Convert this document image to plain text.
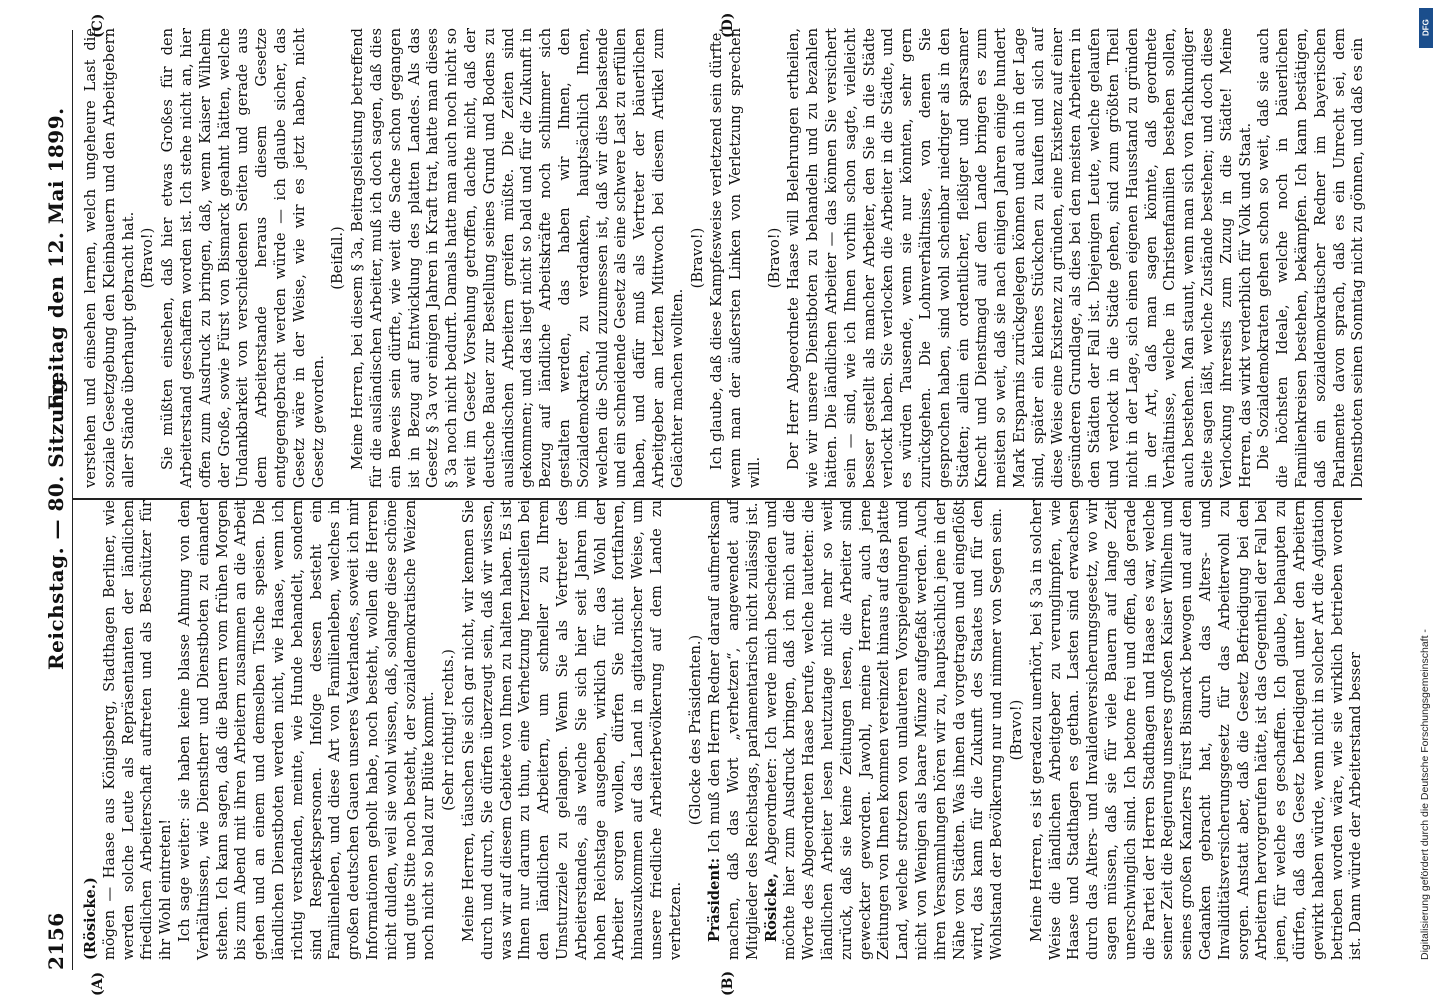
2156
Reichstag. — 80. Sitzung.
Freitag den 12. Mai 1899.
(A)	(B)
(C)	(D)

(Rösicke.) mögen — Haase aus Königsberg, Stadthagen Berliner, wie werden solche Leute als Repräsentanten der ländlichen friedlichen Arbeiterschaft auftreten und als Beschützer für ihr Wohl eintreten! Ich sage weiter: sie haben keine blasse Ahnung von den Verhältnissen, wie Dienstherr und Dienstboten zu einander stehen. Ich kann sagen, daß die Bauern vom frühen Morgen bis zum Abend mit ihren Arbeitern zusammen an die Arbeit gehen und an einem und demselben Tische speisen. Die ländlichen Dienstboten werden nicht, wie Haase, wenn ich richtig verstanden, meinte, wie Hunde behandelt, sondern sind Respektspersonen. Infolge dessen besteht ein Familienleben, und diese Art von Familienleben, welches in großen deutschen Gauen unseres Vaterlandes, soweit ich mir Informationen geholt habe, noch besteht, wollen die Herren nicht dulden, weil sie wohl wissen, daß, solange diese schöne und gute Sitte noch besteht, der sozialdemokratische Weizen noch nicht so bald zur Blüte kommt. (Sehr richtig! rechts.) Meine Herren, täuschen Sie sich gar nicht, wir kennen Sie durch und durch, Sie dürfen überzeugt sein, daß wir wissen, was wir auf diesem Gebiete von Ihnen zu halten haben. Es ist Ihnen nur darum zu thun, eine Verhetzung herzustellen bei den ländlichen Arbeitern, um schneller zu Ihrem Umsturzziele zu gelangen. Wenn Sie als Vertreter des Arbeiterstandes, als welche Sie sich hier seit Jahren im hohen Reichstage ausgeben, wirklich für das Wohl der Arbeiter sorgen wollen, dürfen Sie nicht fortfahren, hinauszukommen auf das Land in agitatorischer Weise, um unsere friedliche Arbeiterbevölkerung auf dem Lande zu verhetzen.

(Glocke des Präsidenten.)

Präsident: Ich muß den Herrn Redner darauf aufmerksam machen, daß das Wort „verhetzen“, angewendet auf Mitglieder des Reichstags, parlamentarisch nicht zulässig ist. Rösicke, Abgeordneter: Ich werde mich bescheiden und möchte hier zum Ausdruck bringen, daß ich mich auf die Worte des Abgeordneten Haase berufe, welche lauteten: die ländlichen Arbeiter lesen heutzutage nicht mehr so weit zurück, daß sie keine Zeitungen lesen, die Arbeiter sind geweckter geworden. Jawohl, meine Herren, auch jene Zeitungen von Ihnen kommen vereinzelt hinaus auf das platte Land, welche strotzen von unlauteren Vorspiegelungen und nicht von Wenigen als baare Münze aufgefaßt werden. Auch ihren Versammlungen hören wir zu, hauptsächlich jene in der Nähe von Städten. Was ihnen da vorgetragen und eingeflößt wird, das kann für die Zukunft des Staates und für den Wohlstand der Bevölkerung nur und nimmer von Segen sein. (Bravo!) Meine Herren, es ist geradezu unerhört, bei § 3a in solcher Weise die ländlichen Arbeitgeber zu verunglimpfen, wie Haase und Stadthagen es gethan. Lasten sind erwachsen durch das Alters- und Invalidenversicherungsgesetz, wo wir sagen müssen, daß sie für viele Bauern auf lange Zeit unerschwinglich sind. Ich betone frei und offen, daß gerade die Partei der Herren Stadthagen und Haase es war, welche seiner Zeit die Regierung unseres großen Kaiser Wilhelm und seines großen Kanzlers Fürst Bismarck bewogen und auf den Gedanken gebracht hat, durch das Alters- und Invaliditätsversicherungsgesetz für das Arbeiterwohl zu sorgen. Anstatt aber, daß die Gesetz Befriedigung bei den Arbeitern hervorgerufen hätte, ist das Gegentheil der Fall bei jenen, für welche es geschaffen. Ich glaube, behaupten zu dürfen, daß das Gesetz befriedigend unter den Arbeitern gewirkt haben würde, wenn nicht in solcher Art die Agitation betrieben worden wäre, wie sie wirklich betrieben worden ist. Dann würde der Arbeiterstand besser

verstehen und einsehen lernen, welch ungeheure Last die soziale Gesetzgebung den Kleinbauern und den Arbeitgebern aller Stände überhaupt gebracht hat. (Bravo!) Sie müßten einsehen, daß hier etwas Großes für den Arbeiterstand geschaffen worden ist. Ich stehe nicht an, hier offen zum Ausdruck zu bringen, daß, wenn Kaiser Wilhelm der Große, sowie Fürst von Bismarck geahnt hätten, welche Undankbarkeit von verschiedenen Seiten und gerade aus dem Arbeiterstande heraus diesem Gesetze entgegengebracht werden würde — ich glaube sicher, das Gesetz wäre in der Weise, wie wir es jetzt haben, nicht Gesetz geworden.

(Beifall.) Meine Herren, bei diesem § 3a, Beitragsleistung betreffend für die ausländischen Arbeiter, muß ich doch sagen, daß dies ein Beweis sein dürfte, wie weit die Sache schon gegangen ist in Bezug auf Entwicklung des platten Landes. Als das Gesetz § 3a vor einigen Jahren in Kraft trat, hatte man dieses § 3a noch nicht bedurft. Damals hatte man auch noch nicht so weit im Gesetz Vorsehung getroffen, dachte nicht, daß der deutsche Bauer zur Bestellung seines Grund und Bodens zu ausländischen Arbeitern greifen müßte. Die Zeiten sind gekommen; und das liegt nicht so bald und für die Zukunft in Bezug auf ländliche Arbeitskräfte noch schlimmer sich gestalten werden, das haben wir Ihnen, den Sozialdemokraten, zu verdanken, hauptsächlich Ihnen, welchen die Schuld zuzumessen ist, daß wir dies belastende und ein schneidende Gesetz als eine schwere Last zu erfüllen haben, und dafür muß als Vertreter der bäuerlichen Arbeitgeber am letzten Mittwoch bei diesem Artikel zum Gelächter machen wollten.

(Bravo!) Ich glaube, daß diese Kampfesweise verletzend sein dürfte, wenn man der äußersten Linken von Verletzung sprechen will.

(Bravo!) Der Herr Abgeordnete Haase will Belehrungen ertheilen, wie wir unsere Dienstboten zu behandeln und zu bezahlen hätten. Die ländlichen Arbeiter — das können Sie versichert sein — sind, wie ich Ihnen vorhin schon sagte, vielleicht besser gestellt als mancher Arbeiter, den Sie in die Städte verlockt haben. Sie verlocken die Arbeiter in die Städte, und es würden Tausende, wenn sie nur könnten, sehr gern zurückgehen. Die Lohnverhältnisse, von denen Sie gesprochen haben, sind wohl scheinbar niedriger als in den Städten; allein ein ordentlicher, fleißiger und sparsamer Knecht und Dienstmagd auf dem Lande bringen es zum meisten so weit, daß sie nach einigen Jahren einige hundert Mark Ersparnis zurückgelegen können und auch in der Lage sind, später ein kleines Stückchen zu kaufen und sich auf diese Weise eine Existenz zu gründen, eine Existenz auf einer gesünderen Grundlage, als dies bei den meisten Arbeitern in den Städten der Fall ist. Diejenigen Leute, welche gelaufen und verlockt in die Städte gehen, sind zum größten Theil nicht in der Lage, sich einen eigenen Hausstand zu gründen in der Art, daß man sagen könnte, daß geordnete Verhältnisse, welche in Christenfamilien bestehen sollen, auch bestehen. Man staunt, wenn man sich von fachkundiger Seite sagen läßt, welche Zustände bestehen; und doch diese Verlockung ihrerseits zum Zuzug in die Städte! Meine Herren, das wirkt verderblich für Volk und Staat. Die Sozialdemokraten gehen schon so weit, daß sie auch die höchsten Ideale, welche noch in bäuerlichen Familienkreisen bestehen, bekämpfen. Ich kann bestätigen, daß ein sozialdemokratischer Redner im bayerischen Parlamente davon sprach, daß es ein Unrecht sei, dem Dienstboten seinen Sonntag nicht zu gönnen, und daß es ein

DFG
Digitalisierung gefördert durch die Deutsche Forschungsgemeinschaft -
